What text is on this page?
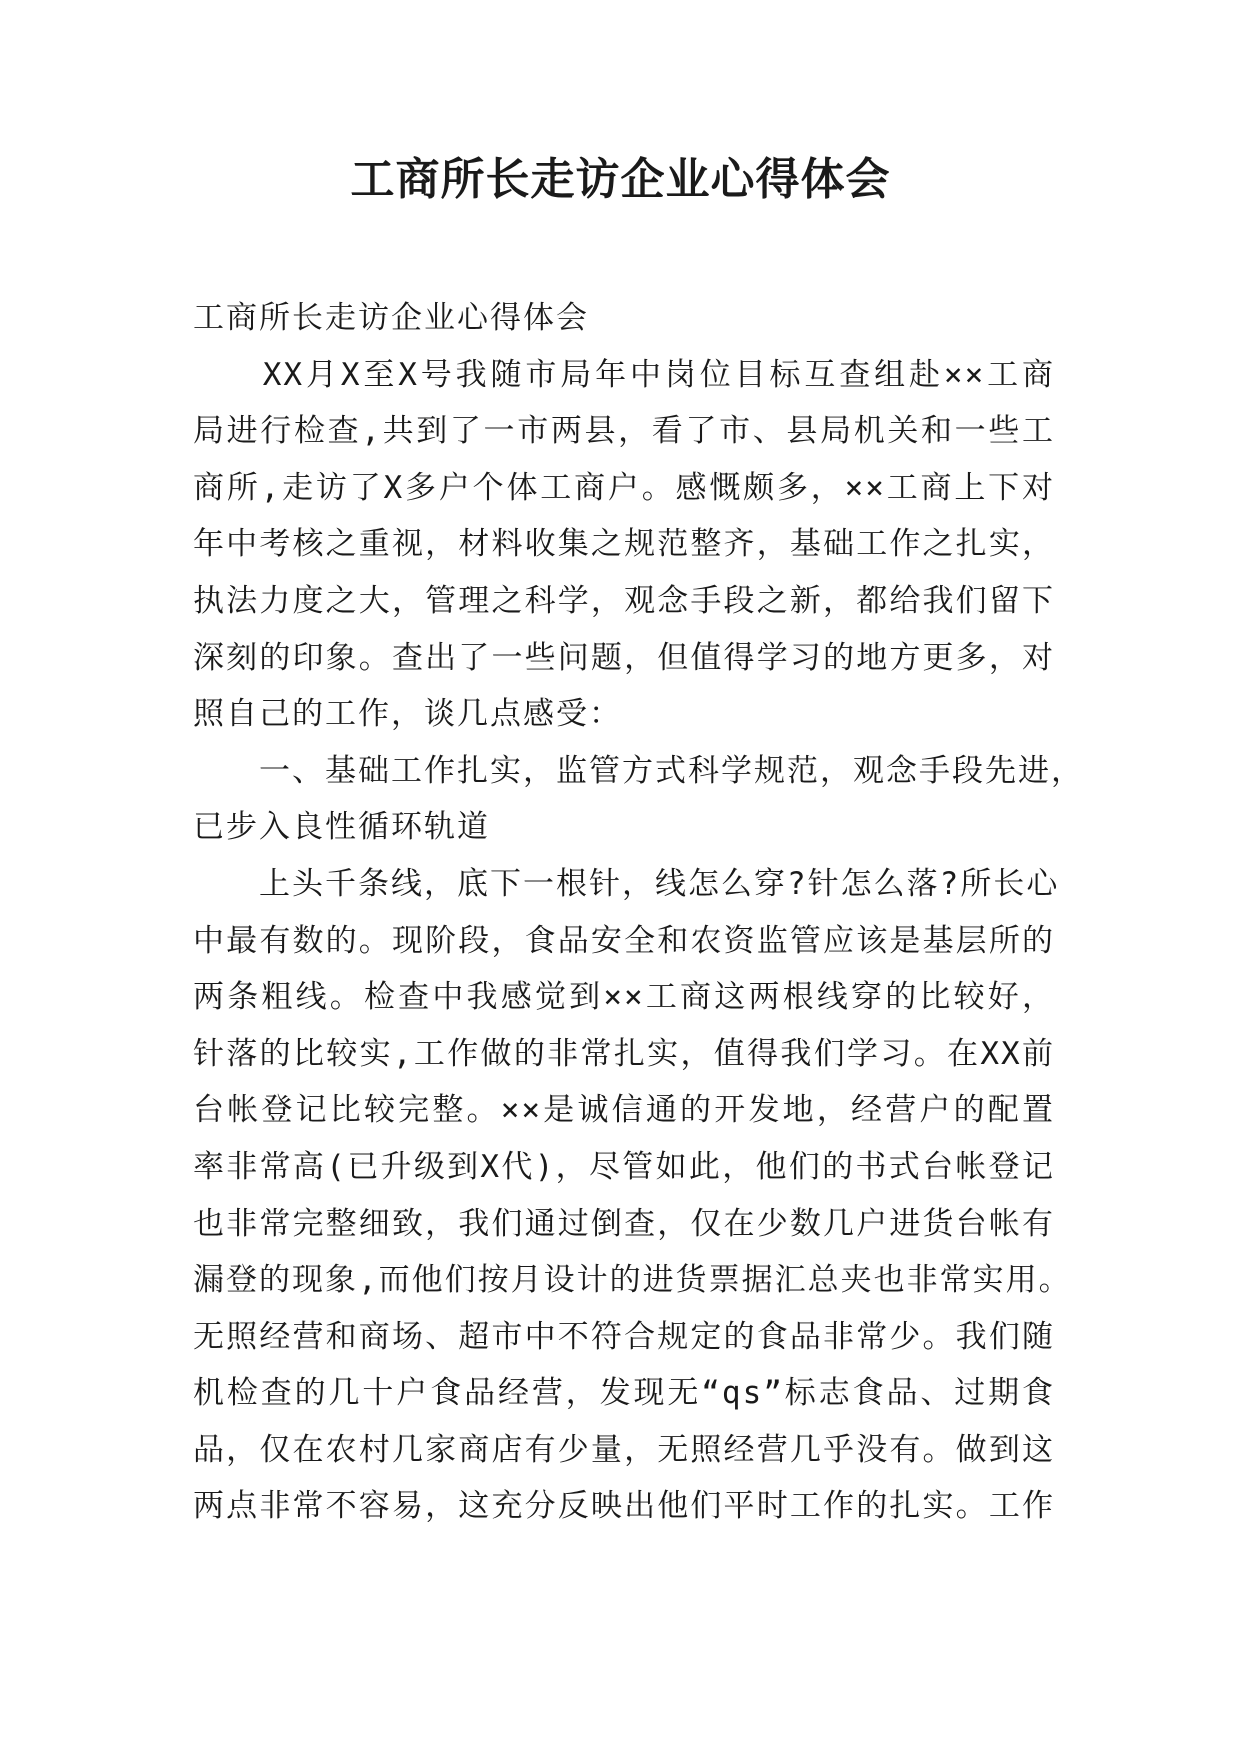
工商所长走访企业心得体会
工商所长走访企业心得体会
　　XX月X至X号我随市局年中岗位目标互查组赴××工商
局进行检查,共到了一市两县，看了市、县局机关和一些工
商所,走访了X多户个体工商户。感慨颇多，××工商上下对
年中考核之重视，材料收集之规范整齐，基础工作之扎实，
执法力度之大，管理之科学，观念手段之新，都给我们留下
深刻的印象。查出了一些问题，但值得学习的地方更多，对
照自己的工作，谈几点感受：
　　一、基础工作扎实，监管方式科学规范，观念手段先进，
已步入良性循环轨道
　　上头千条线，底下一根针，线怎么穿?针怎么落?所长心
中最有数的。现阶段，食品安全和农资监管应该是基层所的
两条粗线。检查中我感觉到××工商这两根线穿的比较好，
针落的比较实,工作做的非常扎实，值得我们学习。在XX前
台帐登记比较完整。××是诚信通的开发地，经营户的配置
率非常高(已升级到X代)，尽管如此，他们的书式台帐登记
也非常完整细致，我们通过倒查，仅在少数几户进货台帐有
漏登的现象,而他们按月设计的进货票据汇总夹也非常实用。
无照经营和商场、超市中不符合规定的食品非常少。我们随
机检查的几十户食品经营，发现无“qs”标志食品、过期食
品，仅在农村几家商店有少量，无照经营几乎没有。做到这
两点非常不容易，这充分反映出他们平时工作的扎实。工作
